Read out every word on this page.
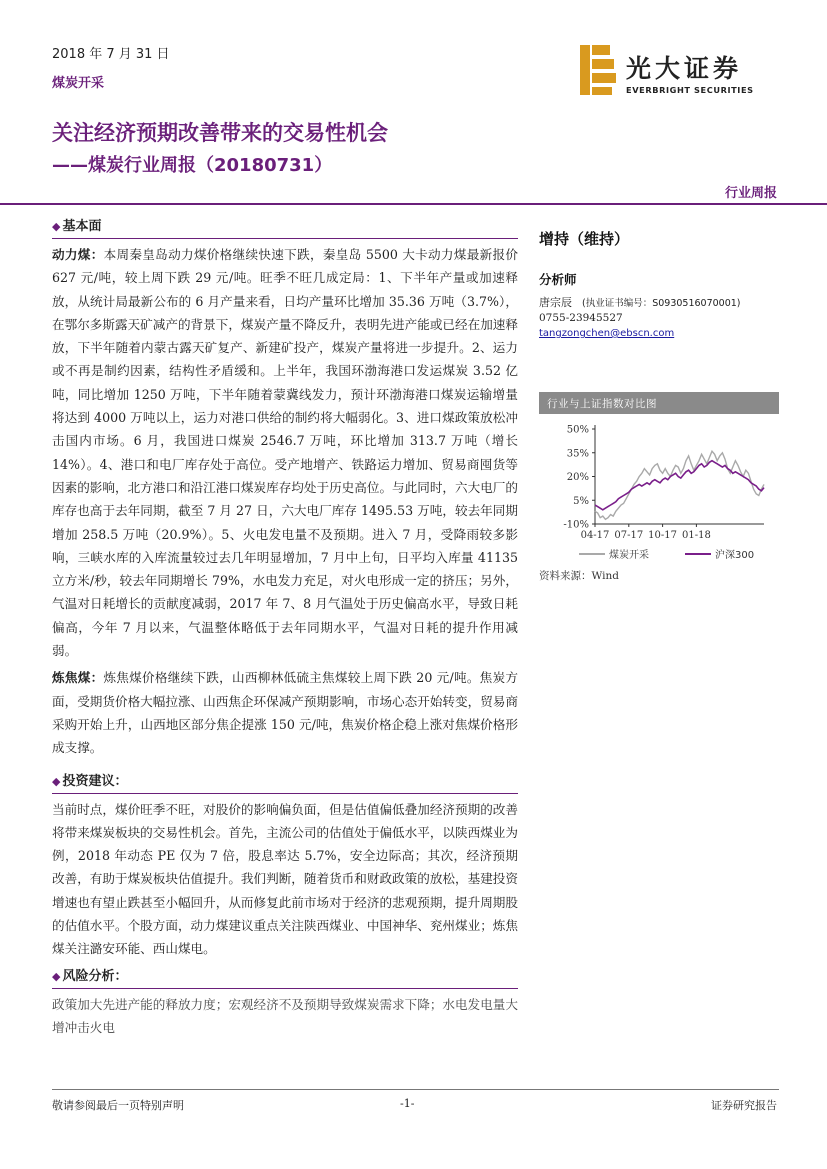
2018 年 7 月 31 日
煤炭开采
光大证券
EVERBRIGHT SECURITIES
关注经济预期改善带来的交易性机会
——煤炭行业周报（20180731）
行业周报
◆ 基本面

动力煤：本周秦皇岛动力煤价格继续快速下跌，秦皇岛 5500 大卡动力煤最新报价 627 元/吨，较上周下跌 29 元/吨。旺季不旺几成定局：1、下半年产量或加速释放，从统计局最新公布的 6 月产量来看，日均产量环比增加 35.36 万吨（3.7%），在鄂尔多斯露天矿减产的背景下，煤炭产量不降反升，表明先进产能或已经在加速释放，下半年随着内蒙古露天矿复产、新建矿投产，煤炭产量将进一步提升。2、运力或不再是制约因素，结构性矛盾缓和。上半年，我国环渤海港口发运煤炭 3.52 亿吨，同比增加 1250 万吨，下半年随着蒙冀线发力，预计环渤海港口煤炭运输增量将达到 4000 万吨以上，运力对港口供给的制约将大幅弱化。3、进口煤政策放松冲击国内市场。6 月，我国进口煤炭 2546.7 万吨，环比增加 313.7 万吨（增长 14%）。4、港口和电厂库存处于高位。受产地增产、铁路运力增加、贸易商囤货等因素的影响，北方港口和沿江港口煤炭库存均处于历史高位。与此同时，六大电厂的库存也高于去年同期，截至 7 月 27 日，六大电厂库存 1495.53 万吨，较去年同期增加 258.5 万吨（20.9%）。5、火电发电量不及预期。进入 7 月，受降雨较多影响，三峡水库的入库流量较过去几年明显增加，7 月中上旬，日平均入库量 41135 立方米/秒，较去年同期增长 79%，水电发力充足，对火电形成一定的挤压；另外，气温对日耗增长的贡献度减弱，2017 年 7、8 月气温处于历史偏高水平，导致日耗偏高，今年 7 月以来，气温整体略低于去年同期水平，气温对日耗的提升作用减弱。

炼焦煤：炼焦煤价格继续下跌，山西柳林低硫主焦煤较上周下跌 20 元/吨。焦炭方面，受期货价格大幅拉涨、山西焦企环保减产预期影响，市场心态开始转变，贸易商采购开始上升，山西地区部分焦企提涨 150 元/吨，焦炭价格企稳上涨对焦煤价格形成支撑。

◆ 投资建议：

当前时点，煤价旺季不旺，对股价的影响偏负面，但是估值偏低叠加经济预期的改善将带来煤炭板块的交易性机会。首先，主流公司的估值处于偏低水平，以陕西煤业为例，2018 年动态 PE 仅为 7 倍，股息率达 5.7%，安全边际高；其次，经济预期改善，有助于煤炭板块估值提升。我们判断，随着货币和财政政策的放松，基建投资增速也有望止跌甚至小幅回升，从而修复此前市场对于经济的悲观预期，提升周期股的估值水平。个股方面，动力煤建议重点关注陕西煤业、中国神华、兖州煤业；炼焦煤关注潞安环能、西山煤电。

◆ 风险分析：

政策加大先进产能的释放力度；宏观经济不及预期导致煤炭需求下降；水电发电量大增冲击火电

增持（维持）
分析师
唐宗辰 (执业证书编号：S0930516070001)
0755-23945527
tangzongchen@ebscn.com
行业与上证指数对比图
50%
35%
20%
5%
-10%
04-17 07-17 10-17 01-18
煤炭开采	沪深300
资料来源：Wind
敬请参阅最后一页特别声明	-1-	证券研究报告
